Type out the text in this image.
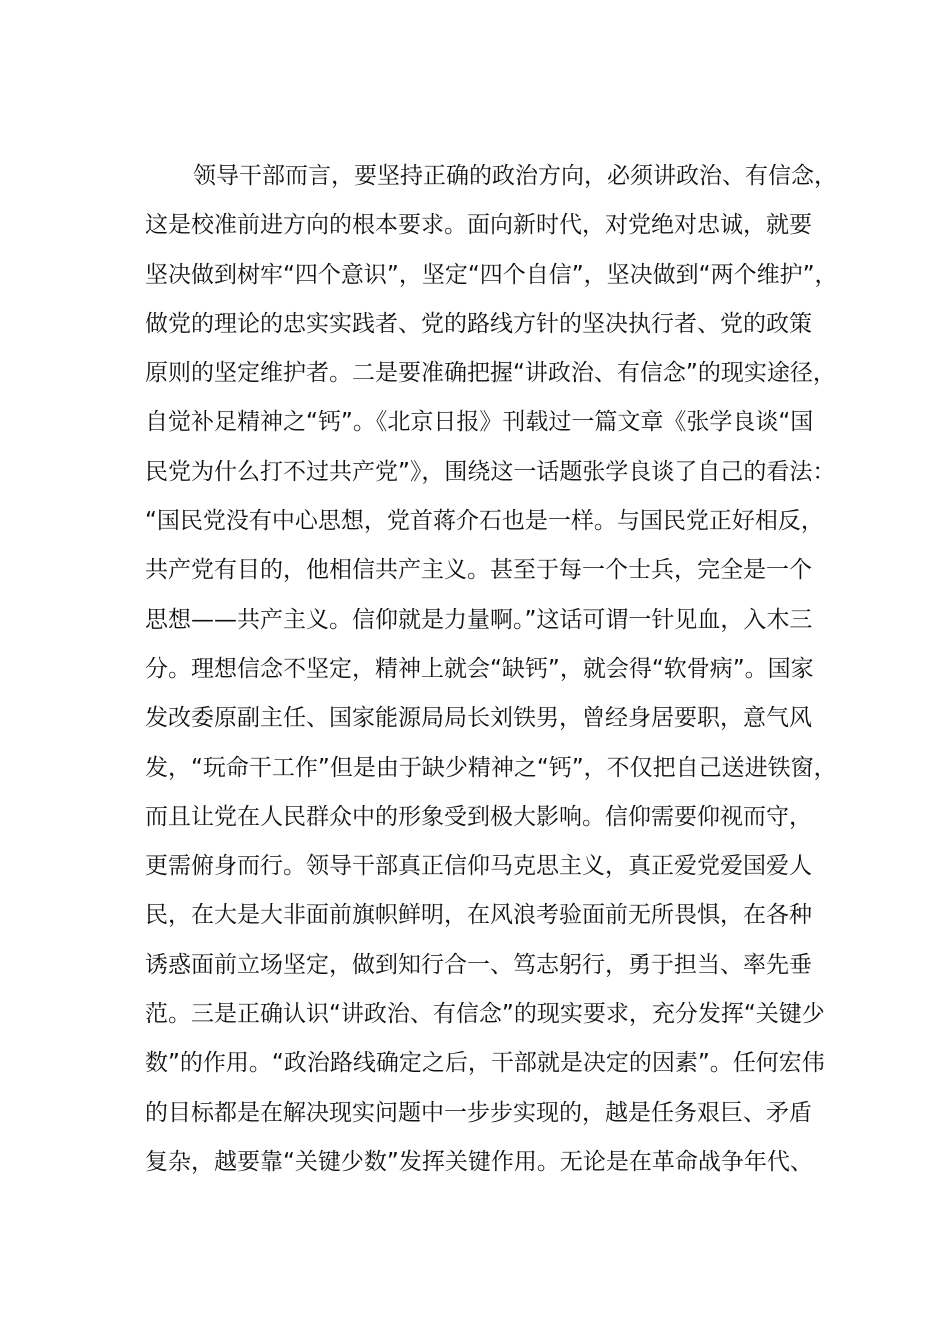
领导干部而言，要坚持正确的政治方向，必须讲政治、有信念，
这是校准前进方向的根本要求。面向新时代，对党绝对忠诚，就要
坚决做到树牢“四个意识”，坚定“四个自信”，坚决做到“两个维护”，
做党的理论的忠实实践者、党的路线方针的坚决执行者、党的政策
原则的坚定维护者。二是要准确把握“讲政治、有信念”的现实途径，
自觉补足精神之“钙”。《北京日报》刊载过一篇文章《张学良谈“国
民党为什么打不过共产党”》，围绕这一话题张学良谈了自己的看法：
“国民党没有中心思想，党首蒋介石也是一样。与国民党正好相反，
共产党有目的，他相信共产主义。甚至于每一个士兵，完全是一个
思想——共产主义。信仰就是力量啊。”这话可谓一针见血，入木三
分。理想信念不坚定，精神上就会“缺钙”，就会得“软骨病”。国家
发改委原副主任、国家能源局局长刘铁男，曾经身居要职，意气风
发，“玩命干工作”但是由于缺少精神之“钙”，不仅把自己送进铁窗，
而且让党在人民群众中的形象受到极大影响。信仰需要仰视而守，
更需俯身而行。领导干部真正信仰马克思主义，真正爱党爱国爱人
民，在大是大非面前旗帜鲜明，在风浪考验面前无所畏惧，在各种
诱惑面前立场坚定，做到知行合一、笃志躬行，勇于担当、率先垂
范。三是正确认识“讲政治、有信念”的现实要求，充分发挥“关键少
数”的作用。“政治路线确定之后，干部就是决定的因素”。任何宏伟
的目标都是在解决现实问题中一步步实现的，越是任务艰巨、矛盾
复杂，越要靠“关键少数”发挥关键作用。无论是在革命战争年代、
